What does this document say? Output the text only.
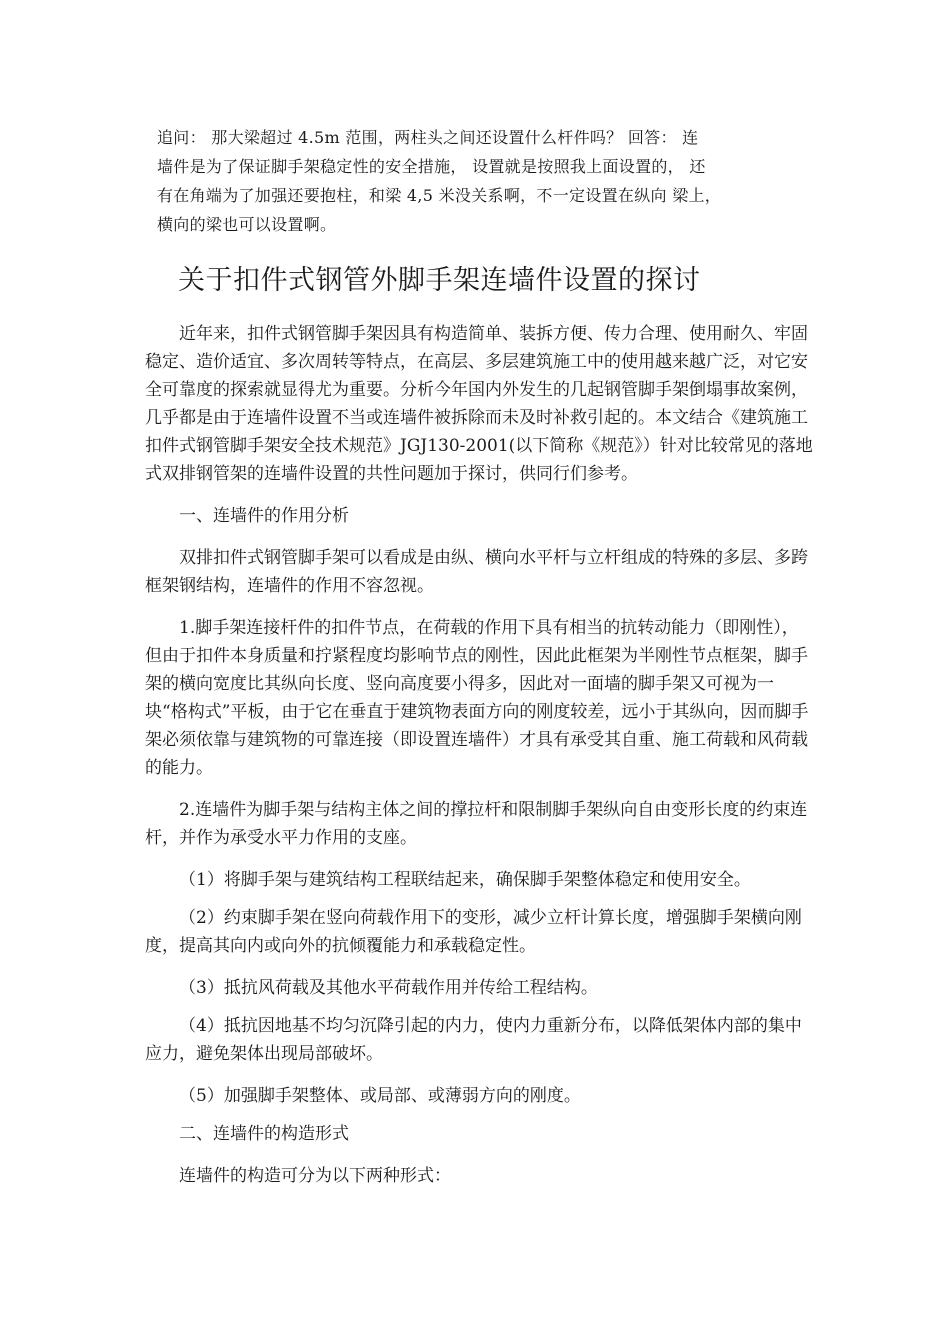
追问： 那大梁超过 4.5m 范围，两柱头之间还设置什么杆件吗？ 回答： 连

墙件是为了保证脚手架稳定性的安全措施， 设置就是按照我上面设置的， 还

有在角端为了加强还要抱柱，和梁 4,5 米没关系啊，不一定设置在纵向 梁上，

横向的梁也可以设置啊。

关于扣件式钢管外脚手架连墙件设置的探讨

近年来，扣件式钢管脚手架因具有构造简单、装拆方便、传力合理、使用耐久、牢固稳定、造价适宜、多次周转等特点，在高层、多层建筑施工中的使用越来越广泛，对它安全可靠度的探索就显得尤为重要。分析今年国内外发生的几起钢管脚手架倒塌事故案例，几乎都是由于连墙件设置不当或连墙件被拆除而未及时补救引起的。本文结合《建筑施工扣件式钢管脚手架安全技术规范》JGJ130-2001(以下简称《规范》）针对比较常见的落地式双排钢管架的连墙件设置的共性问题加于探讨，供同行们参考。

一、连墙件的作用分析

双排扣件式钢管脚手架可以看成是由纵、横向水平杆与立杆组成的特殊的多层、多跨框架钢结构，连墙件的作用不容忽视。

1.脚手架连接杆件的扣件节点，在荷载的作用下具有相当的抗转动能力（即刚性），但由于扣件本身质量和拧紧程度均影响节点的刚性，因此此框架为半刚性节点框架，脚手架的横向宽度比其纵向长度、竖向高度要小得多，因此对一面墙的脚手架又可视为一块“格构式”平板，由于它在垂直于建筑物表面方向的刚度较差，远小于其纵向，因而脚手架必须依靠与建筑物的可靠连接（即设置连墙件）才具有承受其自重、施工荷载和风荷载的能力。

2.连墙件为脚手架与结构主体之间的撑拉杆和限制脚手架纵向自由变形长度的约束连杆，并作为承受水平力作用的支座。

（1）将脚手架与建筑结构工程联结起来，确保脚手架整体稳定和使用安全。

（2）约束脚手架在竖向荷载作用下的变形，减少立杆计算长度，增强脚手架横向刚度，提高其向内或向外的抗倾覆能力和承载稳定性。

（3）抵抗风荷载及其他水平荷载作用并传给工程结构。

（4）抵抗因地基不均匀沉降引起的内力，使内力重新分布，以降低架体内部的集中应力，避免架体出现局部破坏。

（5）加强脚手架整体、或局部、或薄弱方向的刚度。

二、连墙件的构造形式

连墙件的构造可分为以下两种形式：
